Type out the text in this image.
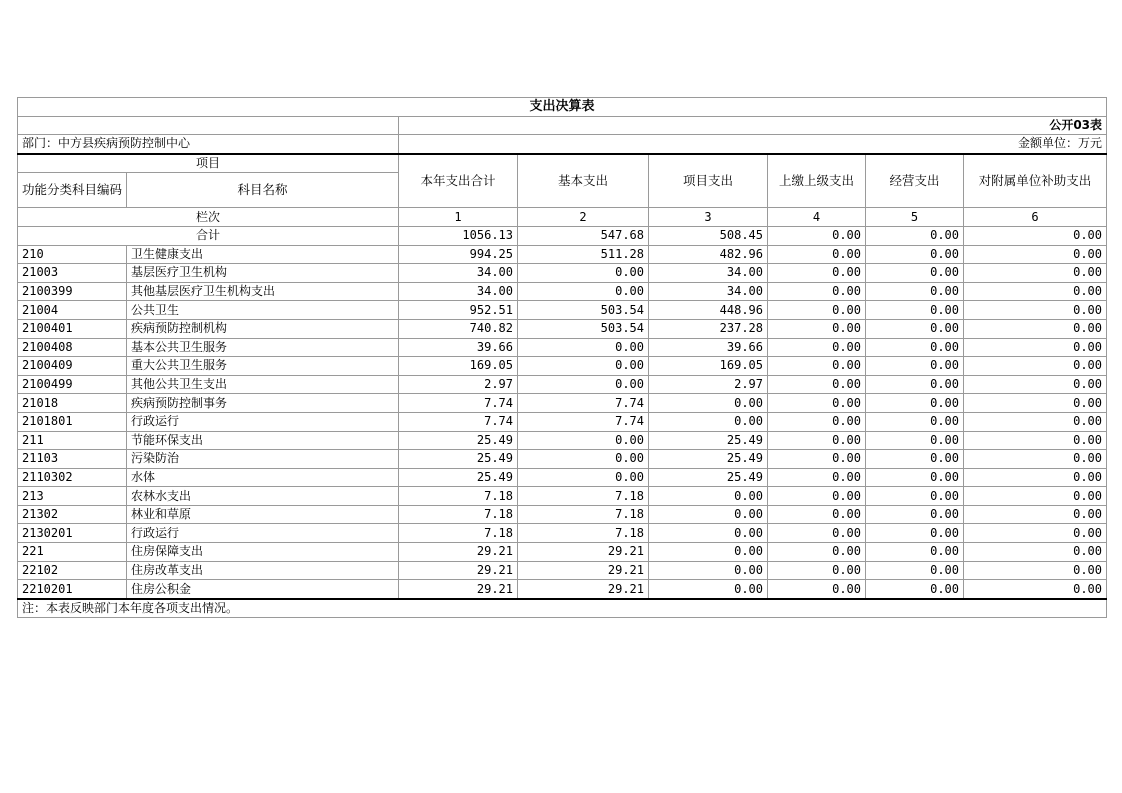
支出决算表							
		公开03表					
部门：中方县疾病预防控制中心		金额单位：万元					
项目		本年支出合计	基本支出	项目支出	上缴上级支出	经营支出	对附属单位补助支出
功能分类科目编码	科目名称						
栏次		1	2	3	4	5	6
合计		1056.13	547.68	508.45	0.00	0.00	0.00
210	卫生健康支出	994.25	511.28	482.96	0.00	0.00	0.00
21003	基层医疗卫生机构	34.00	0.00	34.00	0.00	0.00	0.00
2100399	其他基层医疗卫生机构支出	34.00	0.00	34.00	0.00	0.00	0.00
21004	公共卫生	952.51	503.54	448.96	0.00	0.00	0.00
2100401	疾病预防控制机构	740.82	503.54	237.28	0.00	0.00	0.00
2100408	基本公共卫生服务	39.66	0.00	39.66	0.00	0.00	0.00
2100409	重大公共卫生服务	169.05	0.00	169.05	0.00	0.00	0.00
2100499	其他公共卫生支出	2.97	0.00	2.97	0.00	0.00	0.00
21018	疾病预防控制事务	7.74	7.74	0.00	0.00	0.00	0.00
2101801	行政运行	7.74	7.74	0.00	0.00	0.00	0.00
211	节能环保支出	25.49	0.00	25.49	0.00	0.00	0.00
21103	污染防治	25.49	0.00	25.49	0.00	0.00	0.00
2110302	水体	25.49	0.00	25.49	0.00	0.00	0.00
213	农林水支出	7.18	7.18	0.00	0.00	0.00	0.00
21302	林业和草原	7.18	7.18	0.00	0.00	0.00	0.00
2130201	行政运行	7.18	7.18	0.00	0.00	0.00	0.00
221	住房保障支出	29.21	29.21	0.00	0.00	0.00	0.00
22102	住房改革支出	29.21	29.21	0.00	0.00	0.00	0.00
2210201	住房公积金	29.21	29.21	0.00	0.00	0.00	0.00
注：本表反映部门本年度各项支出情况。							
